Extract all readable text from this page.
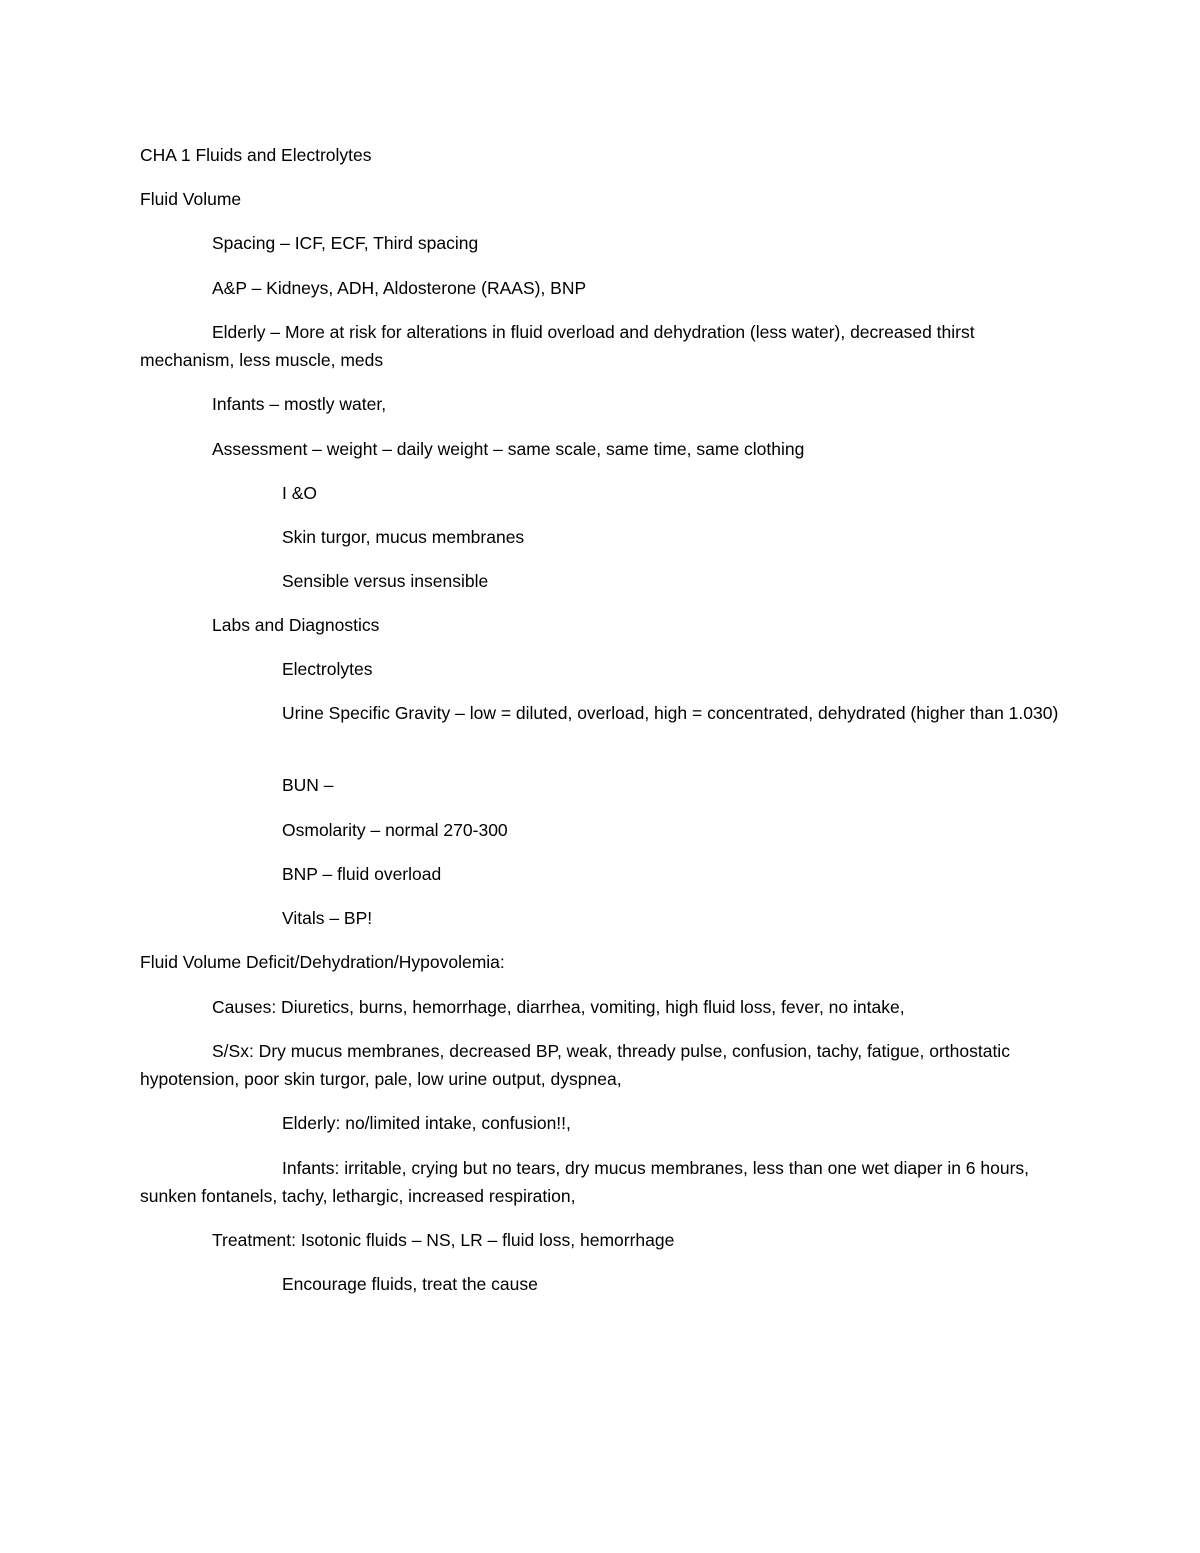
CHA 1 Fluids and Electrolytes

Fluid Volume

Spacing – ICF, ECF, Third spacing

A&P – Kidneys, ADH, Aldosterone (RAAS), BNP

Elderly – More at risk for alterations in fluid overload and dehydration (less water), decreased thirst mechanism, less muscle, meds

Infants – mostly water,

Assessment – weight – daily weight – same scale, same time, same clothing

I &O

Skin turgor, mucus membranes

Sensible versus insensible

Labs and Diagnostics

Electrolytes

Urine Specific Gravity – low = diluted, overload, high = concentrated, dehydrated (higher than 1.030)

BUN –

Osmolarity – normal 270-300

BNP – fluid overload

Vitals – BP!

Fluid Volume Deficit/Dehydration/Hypovolemia:

Causes: Diuretics, burns, hemorrhage, diarrhea, vomiting, high fluid loss, fever, no intake,

S/Sx: Dry mucus membranes, decreased BP, weak, thready pulse, confusion, tachy, fatigue, orthostatic hypotension, poor skin turgor, pale, low urine output, dyspnea,

Elderly: no/limited intake, confusion!!,

Infants: irritable, crying but no tears, dry mucus membranes, less than one wet diaper in 6 hours, sunken fontanels, tachy, lethargic, increased respiration,

Treatment: Isotonic fluids – NS, LR – fluid loss, hemorrhage

Encourage fluids, treat the cause
